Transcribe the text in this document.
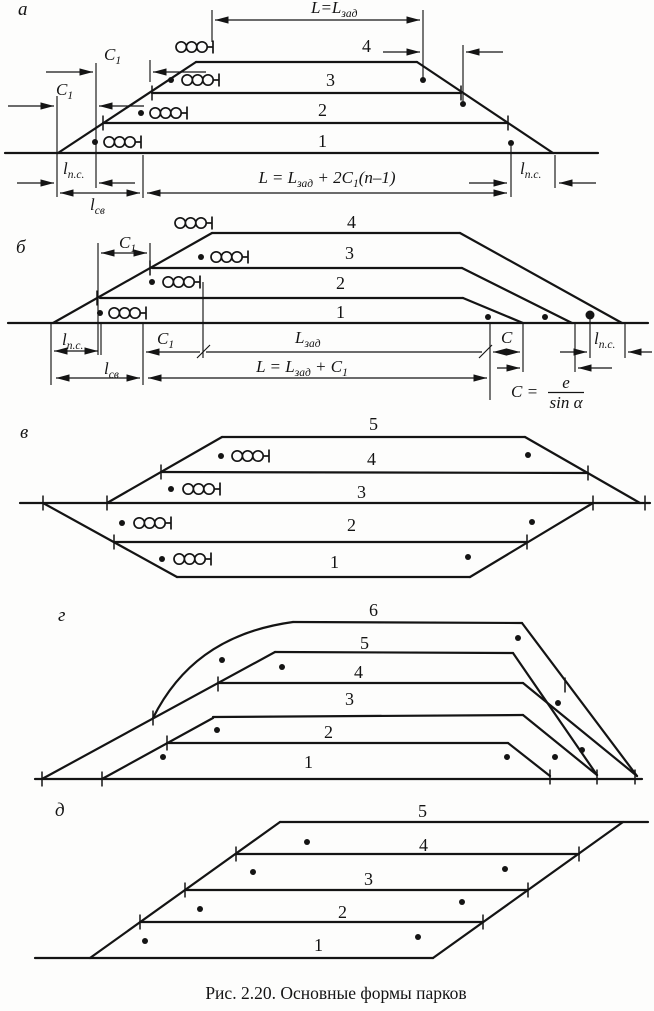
а	$L=L_{зад}$
4
3
2
1
$C_1$
$C_1$
$l_{п.с.}$
$l_{св}$
$L = L_{зад} + 2C_1(n-1)$	$l_{п.с.}$
б	$C_1$
4
3
2
1
$l_{п.с.}$	$C_1$	$L_{зад}$	C	$l_{п.с.}$
$l_{св}$	$L = L_{зад} + C_1$
C = e
sin α
в	5
4
3
2
1
г	6
5
4
3
2
1
д	5
4
3
2
1
Рис. 2.20. Основные формы парков
